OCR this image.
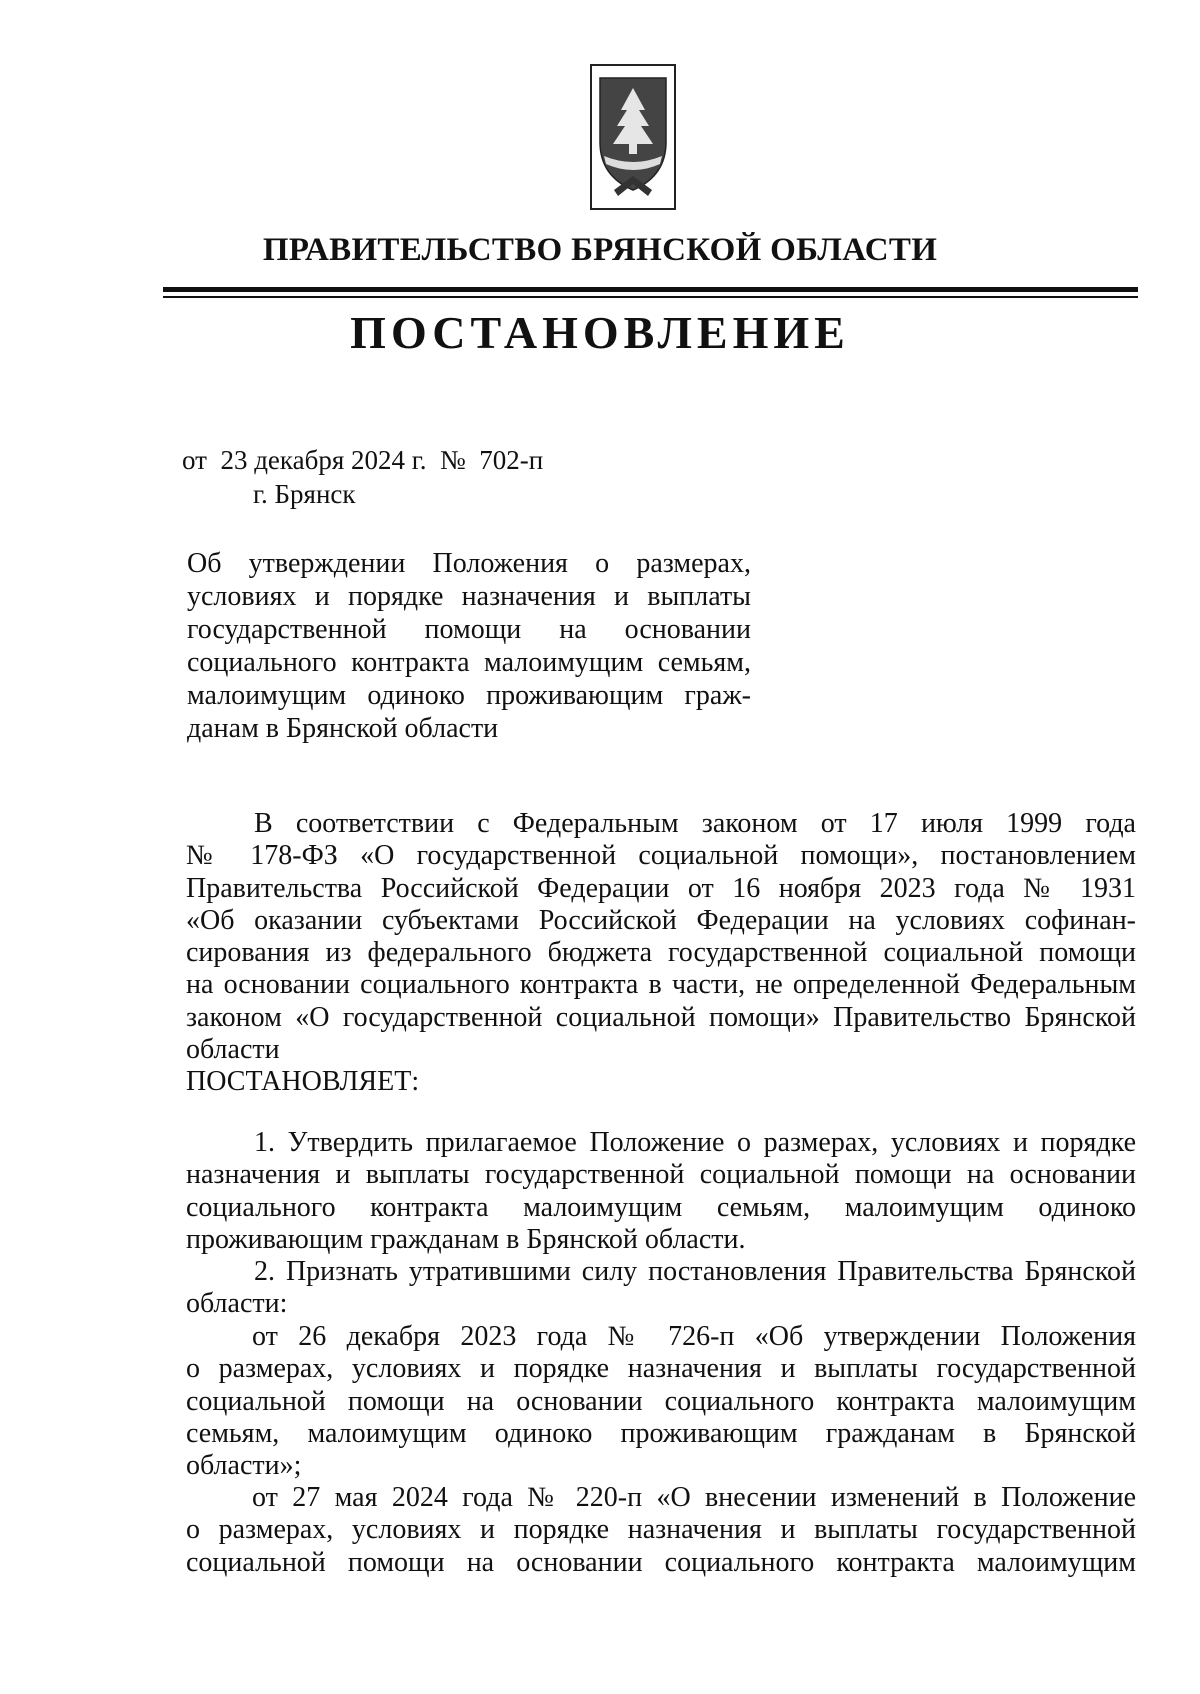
ПРАВИТЕЛЬСТВО БРЯНСКОЙ ОБЛАСТИ
ПОСТАНОВЛЕНИЕ
от  23 декабря 2024 г.  №  702-п
г. Брянск
Об утверждении Положения о размерах,
условиях и порядке назначения и выплаты
государственной помощи на основании
социального контракта малоимущим семьям,
малоимущим одиноко проживающим граж-
данам в Брянской области
В соответствии с Федеральным законом от 17 июля 1999 года
№ 178-ФЗ «О государственной социальной помощи», постановлением
Правительства Российской Федерации от 16 ноября 2023 года № 1931
«Об оказании субъектами Российской Федерации на условиях софинан-
сирования из федерального бюджета государственной социальной помощи
на основании социального контракта в части, не определенной Федеральным
законом «О государственной социальной помощи» Правительство Брянской
области
ПОСТАНОВЛЯЕТ:
1. Утвердить прилагаемое Положение о размерах, условиях и порядке
назначения и выплаты государственной социальной помощи на основании
социального контракта малоимущим семьям, малоимущим одиноко
проживающим гражданам в Брянской области.
2. Признать утратившими силу постановления Правительства Брянской
области:
от 26 декабря 2023 года № 726-п «Об утверждении Положения
о размерах, условиях и порядке назначения и выплаты государственной
социальной помощи на основании социального контракта малоимущим
семьям, малоимущим одиноко проживающим гражданам в Брянской
области»;
от 27 мая 2024 года № 220-п «О внесении изменений в Положение
о размерах, условиях и порядке назначения и выплаты государственной
социальной помощи на основании социального контракта малоимущим
